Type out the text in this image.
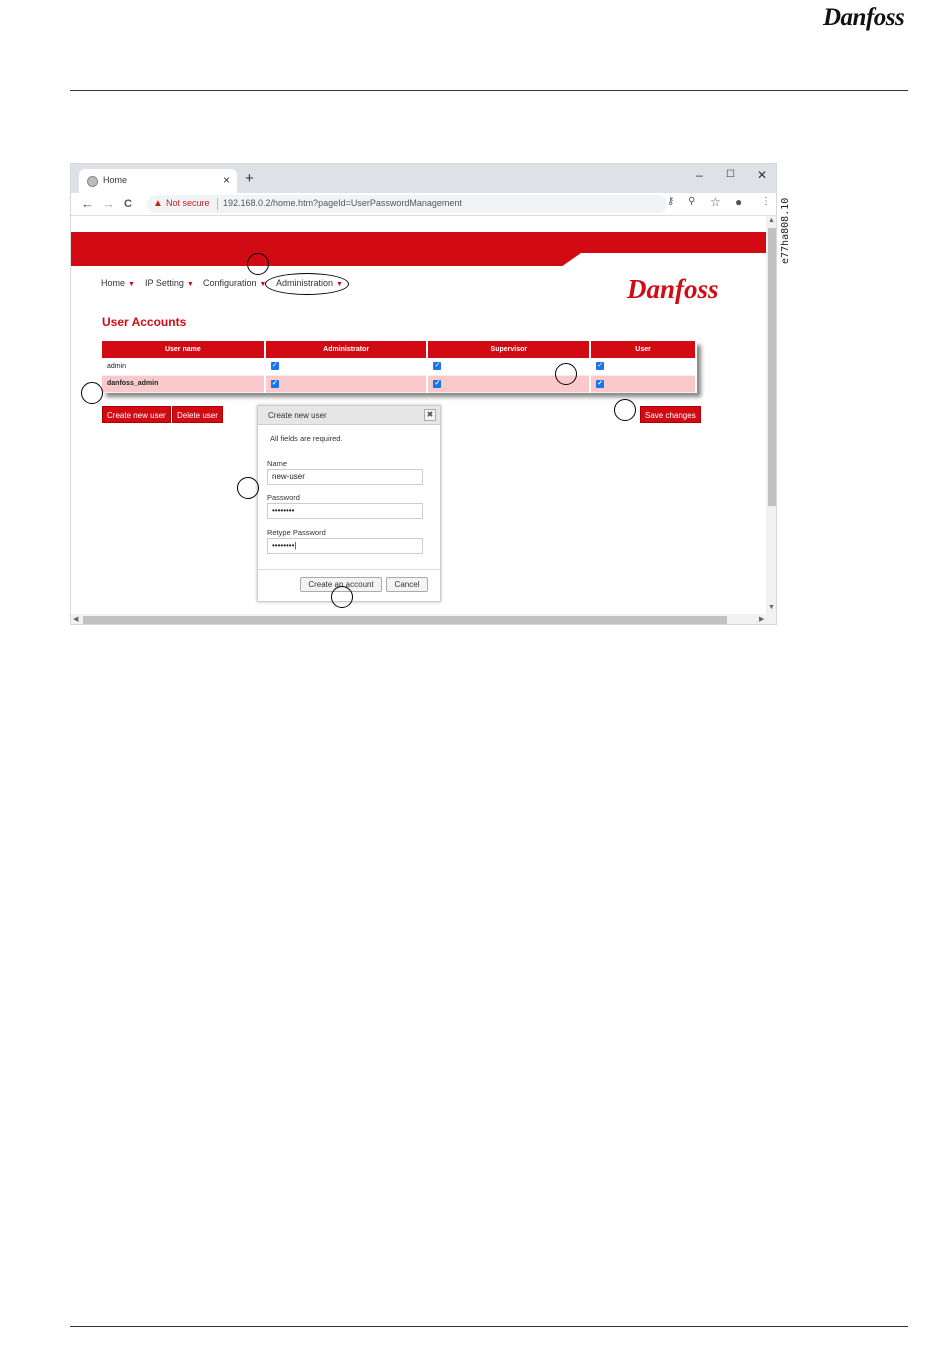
Danfoss
e77ha808.10
Home	× +	– ☐ ✕
← → C ▲ Not secure 192.168.0.2/home.htm?pageId=UserPasswordManagement	⚷ ⚲ ☆ ● ⋮
Home ▼ IP Setting ▼ Configuration ▼ Administration ▼	Danfoss
User Accounts
User name	Administrator	Supervisor	User
admin	✓	✓	✓
danfoss_admin	✓	✓	✓
Create new user	Delete user	Save changes
Create new user	✖
All fields are required.
Name
new-user
Password
••••••••
Retype Password
••••••••|
Create an account	Cancel
▲
▼
◀	▶
